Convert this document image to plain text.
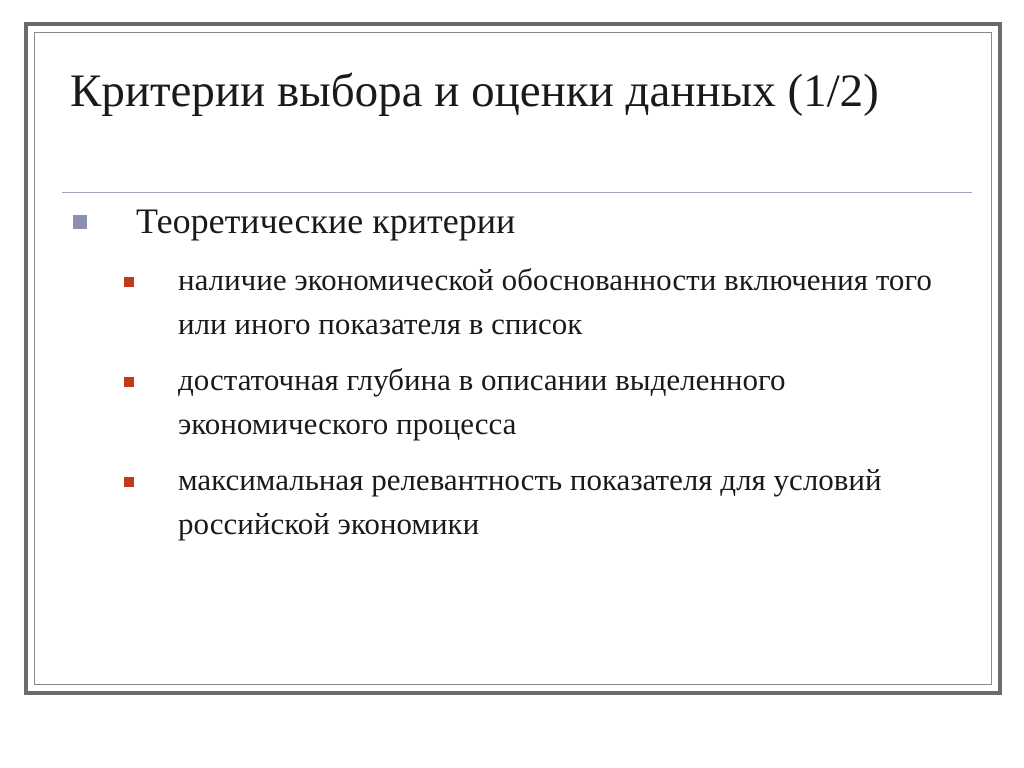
Критерии выбора и оценки данных (1/2)

Теоретические критерии

наличие экономической обоснованности включения того или иного показателя в список

достаточная глубина в описании выделенного экономического процесса

максимальная релевантность показателя для условий российской экономики
